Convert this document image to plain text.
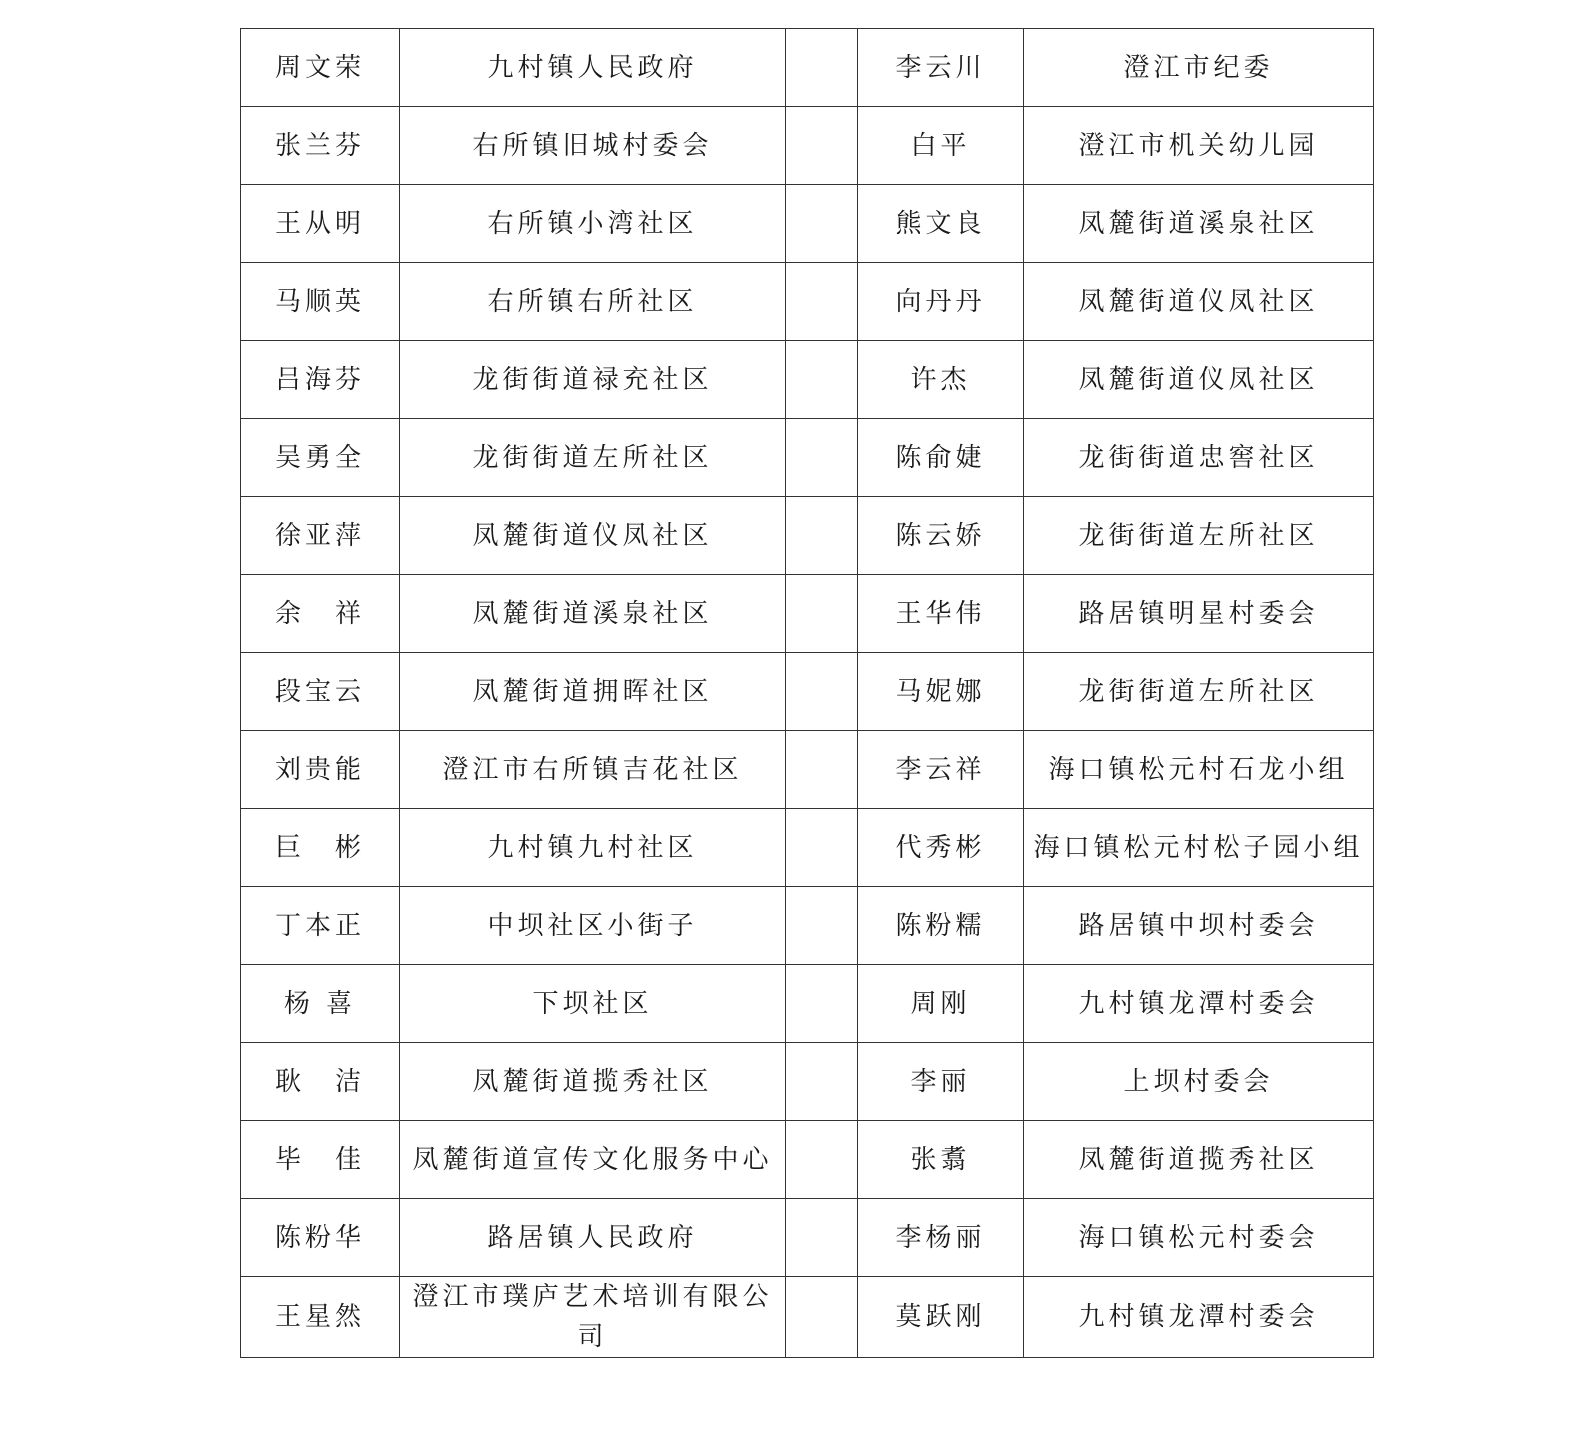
周文荣	九村镇人民政府		李云川	澄江市纪委
张兰芬	右所镇旧城村委会		白平	澄江市机关幼儿园
王从明	右所镇小湾社区		熊文良	凤麓街道溪泉社区
马顺英	右所镇右所社区		向丹丹	凤麓街道仪凤社区
吕海芬	龙街街道禄充社区		许杰	凤麓街道仪凤社区
吴勇全	龙街街道左所社区		陈俞婕	龙街街道忠窖社区
徐亚萍	凤麓街道仪凤社区		陈云娇	龙街街道左所社区
余　祥	凤麓街道溪泉社区		王华伟	路居镇明星村委会
段宝云	凤麓街道拥晖社区		马妮娜	龙街街道左所社区
刘贵能	澄江市右所镇吉花社区		李云祥	海口镇松元村石龙小组
巨　彬	九村镇九村社区		代秀彬	海口镇松元村松子园小组
丁本正	中坝社区小街子		陈粉糯	路居镇中坝村委会
杨 喜	下坝社区		周刚	九村镇龙潭村委会
耿　洁	凤麓街道揽秀社区		李丽	上坝村委会
毕　佳	凤麓街道宣传文化服务中心		张翥	凤麓街道揽秀社区
陈粉华	路居镇人民政府		李杨丽	海口镇松元村委会
王星然	澄江市璞庐艺术培训有限公司		莫跃刚	九村镇龙潭村委会
